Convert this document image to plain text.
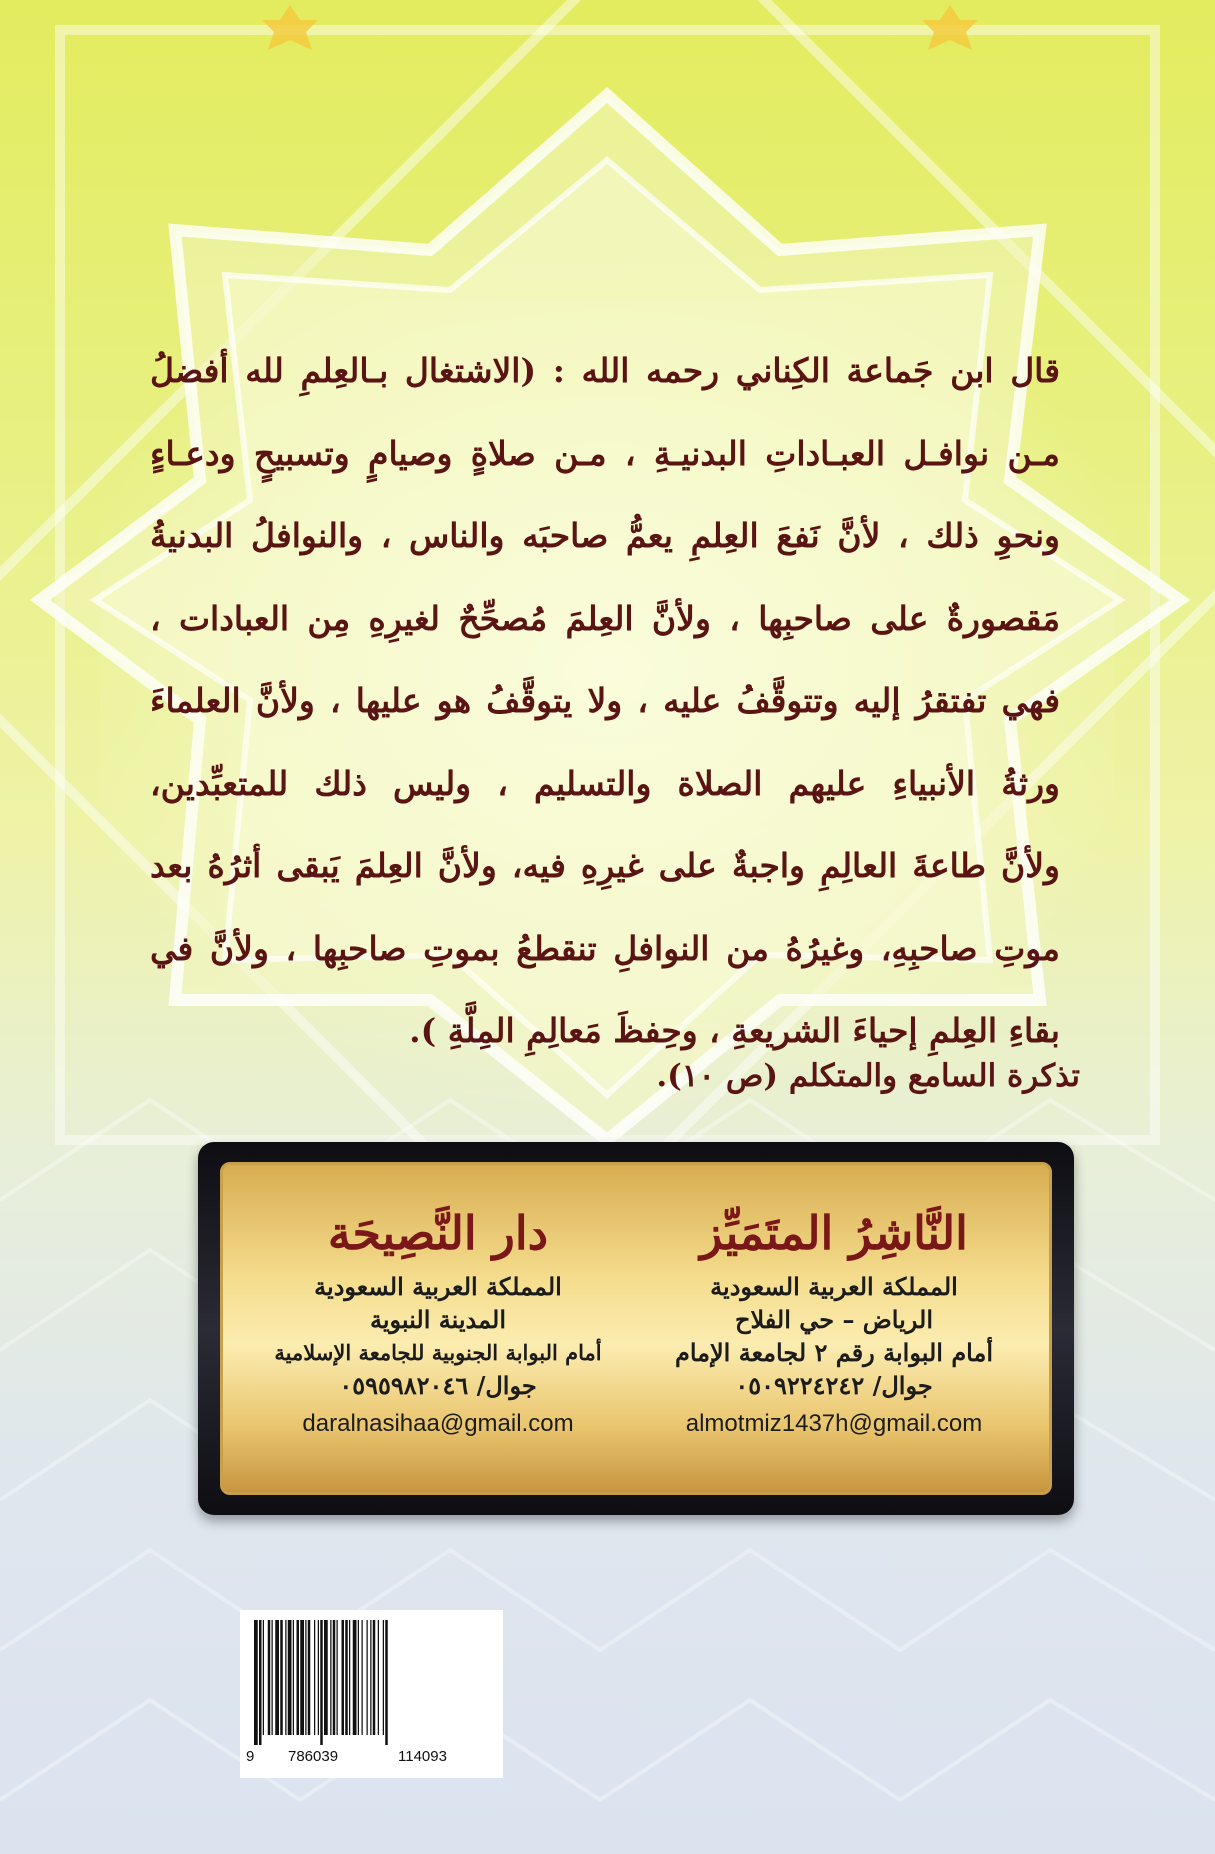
قال ابن جَماعة الكِناني رحمه الله : (الاشتغال بـالعِلمِ لله أفضلُ
مـن نوافـل العبـاداتِ البدنيـةِ ، مـن صلاةٍ وصيامٍ وتسبيحٍ ودعـاءٍ
ونحوِ ذلك ، لأنَّ نَفعَ العِلمِ يعمُّ صاحبَه والناس ، والنوافلُ البدنيةُ
مَقصورةٌ على صاحبِها ، ولأنَّ العِلمَ مُصحِّحٌ لغيرِهِ مِن العبادات ،
فهي تفتقرُ إليه وتتوقَّفُ عليه ، ولا يتوقَّفُ هو عليها ، ولأنَّ العلماءَ
ورثةُ الأنبياءِ عليهم الصلاة والتسليم ، وليس ذلك للمتعبِّدين،
ولأنَّ طاعةَ العالِمِ واجبةٌ على غيرِهِ فيه، ولأنَّ العِلمَ يَبقى أثرُهُ بعد
موتِ صاحبِهِ، وغيرُهُ من النوافلِ تنقطعُ بموتِ صاحبِها ، ولأنَّ في
بقاءِ العِلمِ إحياءَ الشريعةِ ، وحِفظَ مَعالِمِ المِلَّةِ ).
تذكرة السامع والمتكلم (ص ١٠).
النَّاشِرُ المتَمَيِّز
المملكة العربية السعودية
الرياض – حي الفلاح
أمام البوابة رقم ٢ لجامعة الإمام
جوال/ ٠٥٠٩٢٢٤٢٤٢
almotmiz1437h@gmail.com
دار النَّصِيحَة
المملكة العربية السعودية
المدينة النبوية
أمام البوابة الجنوبية للجامعة الإسلامية
جوال/ ٠٥٩٥٩٨٢٠٤٦
daralnasihaa@gmail.com
9 786039	114093
